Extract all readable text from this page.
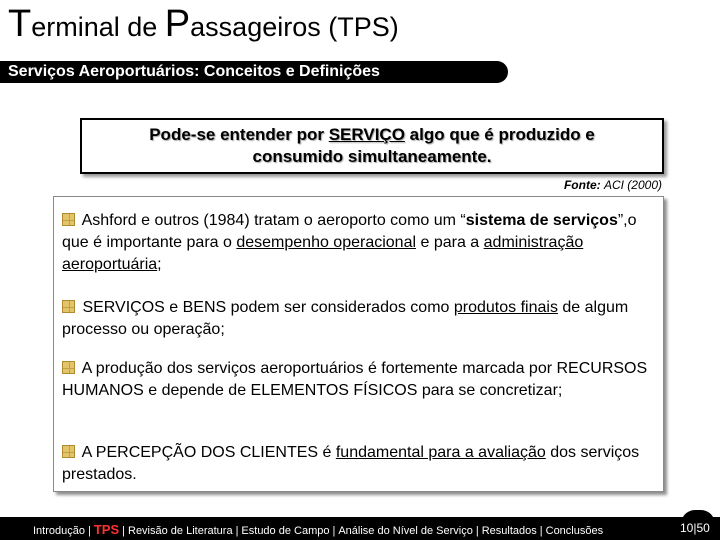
Terminal de Passageiros (TPS)
Serviços Aeroportuários: Conceitos e Definições
Pode-se entender por SERVIÇO algo que é produzido e
consumido simultaneamente.
Fonte: ACI (2000)
Ashford e outros (1984) tratam o aeroporto como um “sistema de serviços”,o que é importante para o desempenho operacional e para a administração aeroportuária;
SERVIÇOS e BENS podem ser considerados como produtos finais de algum processo ou operação;
A produção dos serviços aeroportuários é fortemente marcada por RECURSOS HUMANOS e depende de ELEMENTOS FÍSICOS para se concretizar;
A PERCEPÇÃO DOS CLIENTES é fundamental para a avaliação dos serviços prestados.
Introdução | TPS | Revisão de Literatura | Estudo de Campo | Análise do Nível de Serviço | Resultados | Conclusões	10|50
